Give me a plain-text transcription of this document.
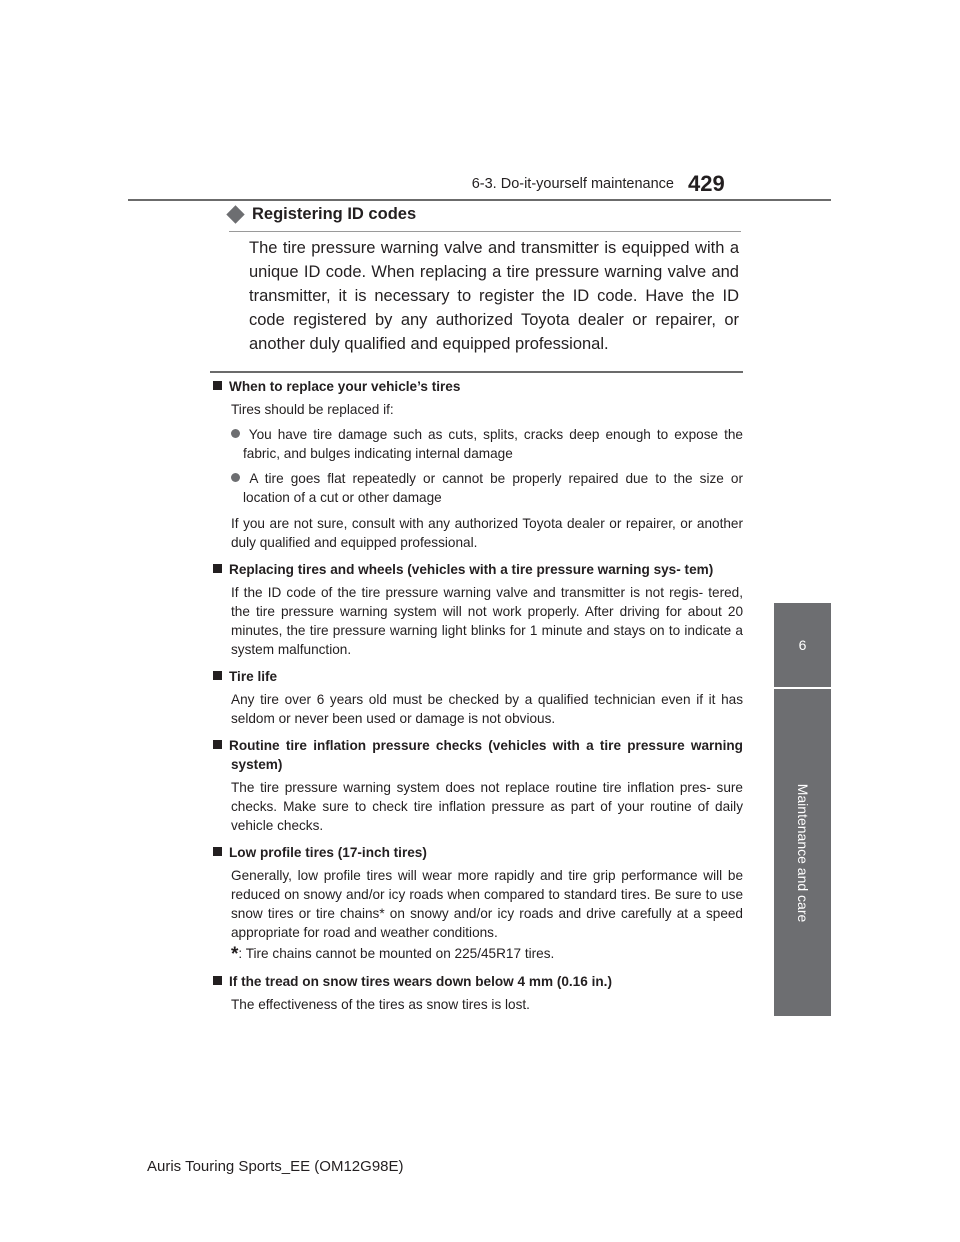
6-3. Do-it-yourself maintenance 429
6
Maintenance and care
Registering ID codes
The tire pressure warning valve and transmitter is equipped with a unique ID code. When replacing a tire pressure warning valve and transmitter, it is necessary to register the ID code. Have the ID code registered by any authorized Toyota dealer or repairer, or another duly qualified and equipped professional.
When to replace your vehicle’s tires
Tires should be replaced if:
You have tire damage such as cuts, splits, cracks deep enough to expose the fabric, and bulges indicating internal damage
A tire goes flat repeatedly or cannot be properly repaired due to the size or location of a cut or other damage
If you are not sure, consult with any authorized Toyota dealer or repairer, or another duly qualified and equipped professional.
Replacing tires and wheels (vehicles with a tire pressure warning sys- tem)
If the ID code of the tire pressure warning valve and transmitter is not regis- tered, the tire pressure warning system will not work properly. After driving for about 20 minutes, the tire pressure warning light blinks for 1 minute and stays on to indicate a system malfunction.
Tire life
Any tire over 6 years old must be checked by a qualified technician even if it has seldom or never been used or damage is not obvious.
Routine tire inflation pressure checks (vehicles with a tire pressure warning system)
The tire pressure warning system does not replace routine tire inflation pres- sure checks. Make sure to check tire inflation pressure as part of your routine of daily vehicle checks.
Low profile tires (17-inch tires)
Generally, low profile tires will wear more rapidly and tire grip performance will be reduced on snowy and/or icy roads when compared to standard tires. Be sure to use snow tires or tire chains* on snowy and/or icy roads and drive carefully at a speed appropriate for road and weather conditions.
*: Tire chains cannot be mounted on 225/45R17 tires.
If the tread on snow tires wears down below 4 mm (0.16 in.)
The effectiveness of the tires as snow tires is lost.
Auris Touring Sports_EE (OM12G98E)
